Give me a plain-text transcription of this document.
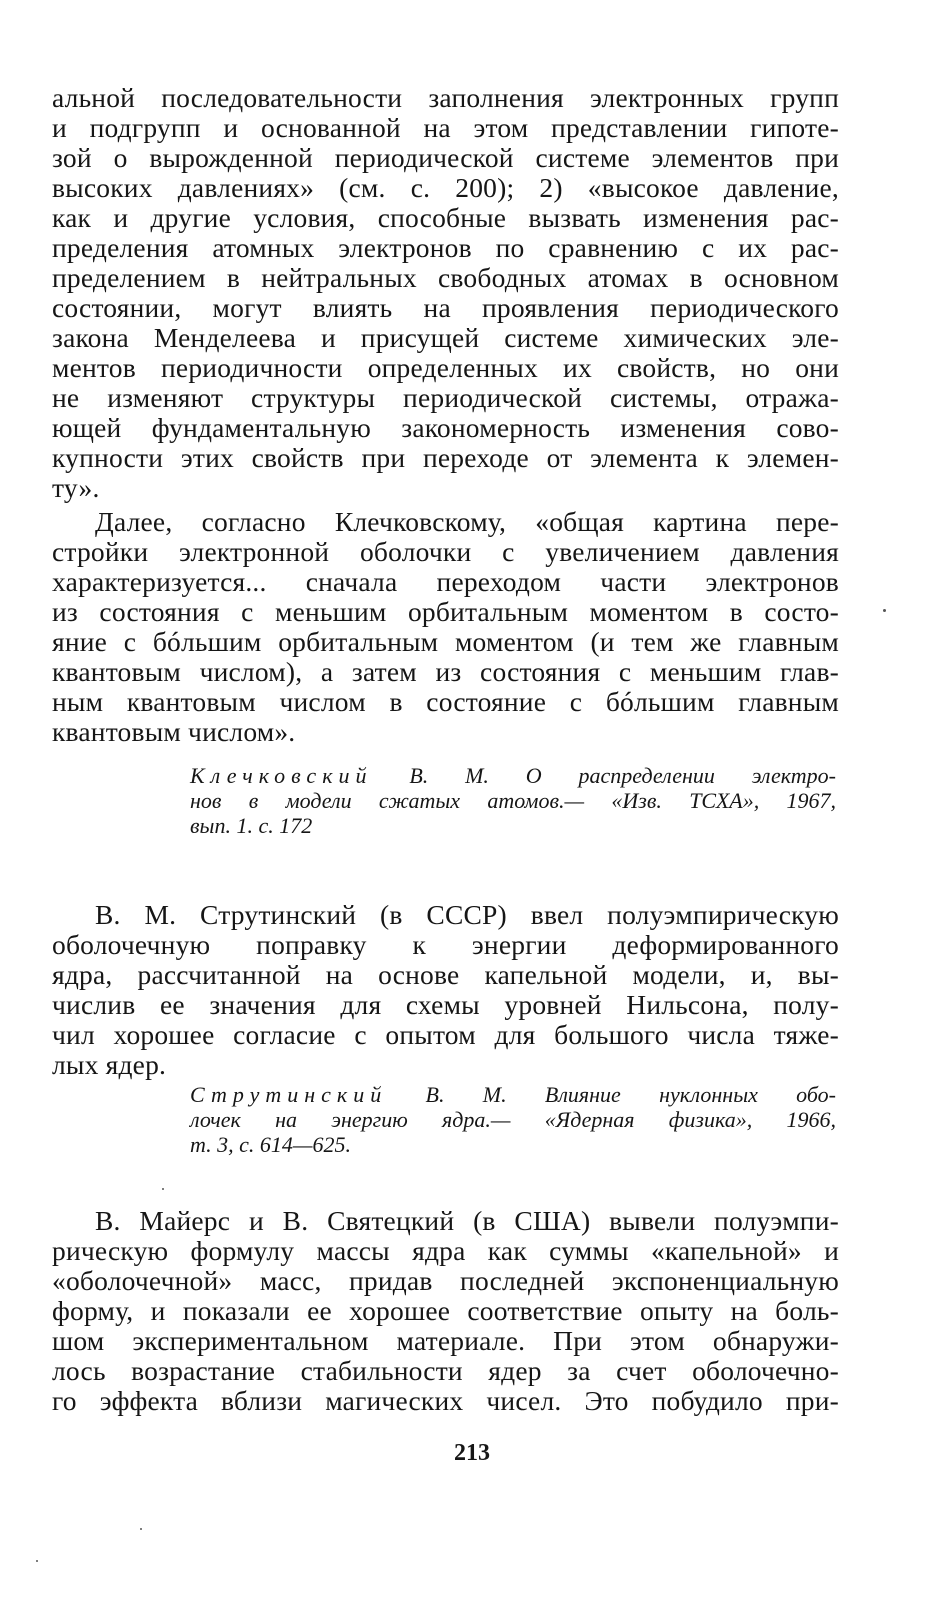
альной последовательности заполнения электронных групп
и подгрупп и основанной на этом представлении гипоте-
зой о вырожденной периодической системе элементов при
высоких давлениях» (см. с. 200); 2) «высокое давление,
как и другие условия, способные вызвать изменения рас-
пределения атомных электронов по сравнению с их рас-
пределением в нейтральных свободных атомах в основном
состоянии, могут влиять на проявления периодического
закона Менделеева и присущей системе химических эле-
ментов периодичности определенных их свойств, но они
не изменяют структуры периодической системы, отража-
ющей фундаментальную закономерность изменения сово-
купности этих свойств при переходе от элемента к элемен-
ту».
Далее, согласно Клечковскому, «общая картина пере-
стройки электронной оболочки с увеличением давления
характеризуется... сначала переходом части электронов
из состояния с меньшим орбитальным моментом в состо-
яние с бóльшим орбитальным моментом (и тем же главным
квантовым числом), а затем из состояния с меньшим глав-
ным квантовым числом в состояние с бóльшим главным
квантовым числом».
Клечковский В. М. О распределении электро-
нов в модели сжатых атомов.— «Изв. ТСХА», 1967,
вып. 1. с. 172
В. М. Струтинский (в СССР) ввел полуэмпирическую
оболочечную поправку к энергии деформированного
ядра, рассчитанной на основе капельной модели, и, вы-
числив ее значения для схемы уровней Нильсона, полу-
чил хорошее согласие с опытом для большого числа тяже-
лых ядер.
Струтинский В. М. Влияние нуклонных обо-
лочек на энергию ядра.— «Ядерная физика», 1966,
т. 3, с. 614—625.
В. Майерс и В. Святецкий (в США) вывели полуэмпи-
рическую формулу массы ядра как суммы «капельной» и
«оболочечной» масс, придав последней экспоненциальную
форму, и показали ее хорошее соответствие опыту на боль-
шом экспериментальном материале. При этом обнаружи-
лось возрастание стабильности ядер за счет оболочечно-
го эффекта вблизи магических чисел. Это побудило при-
213
